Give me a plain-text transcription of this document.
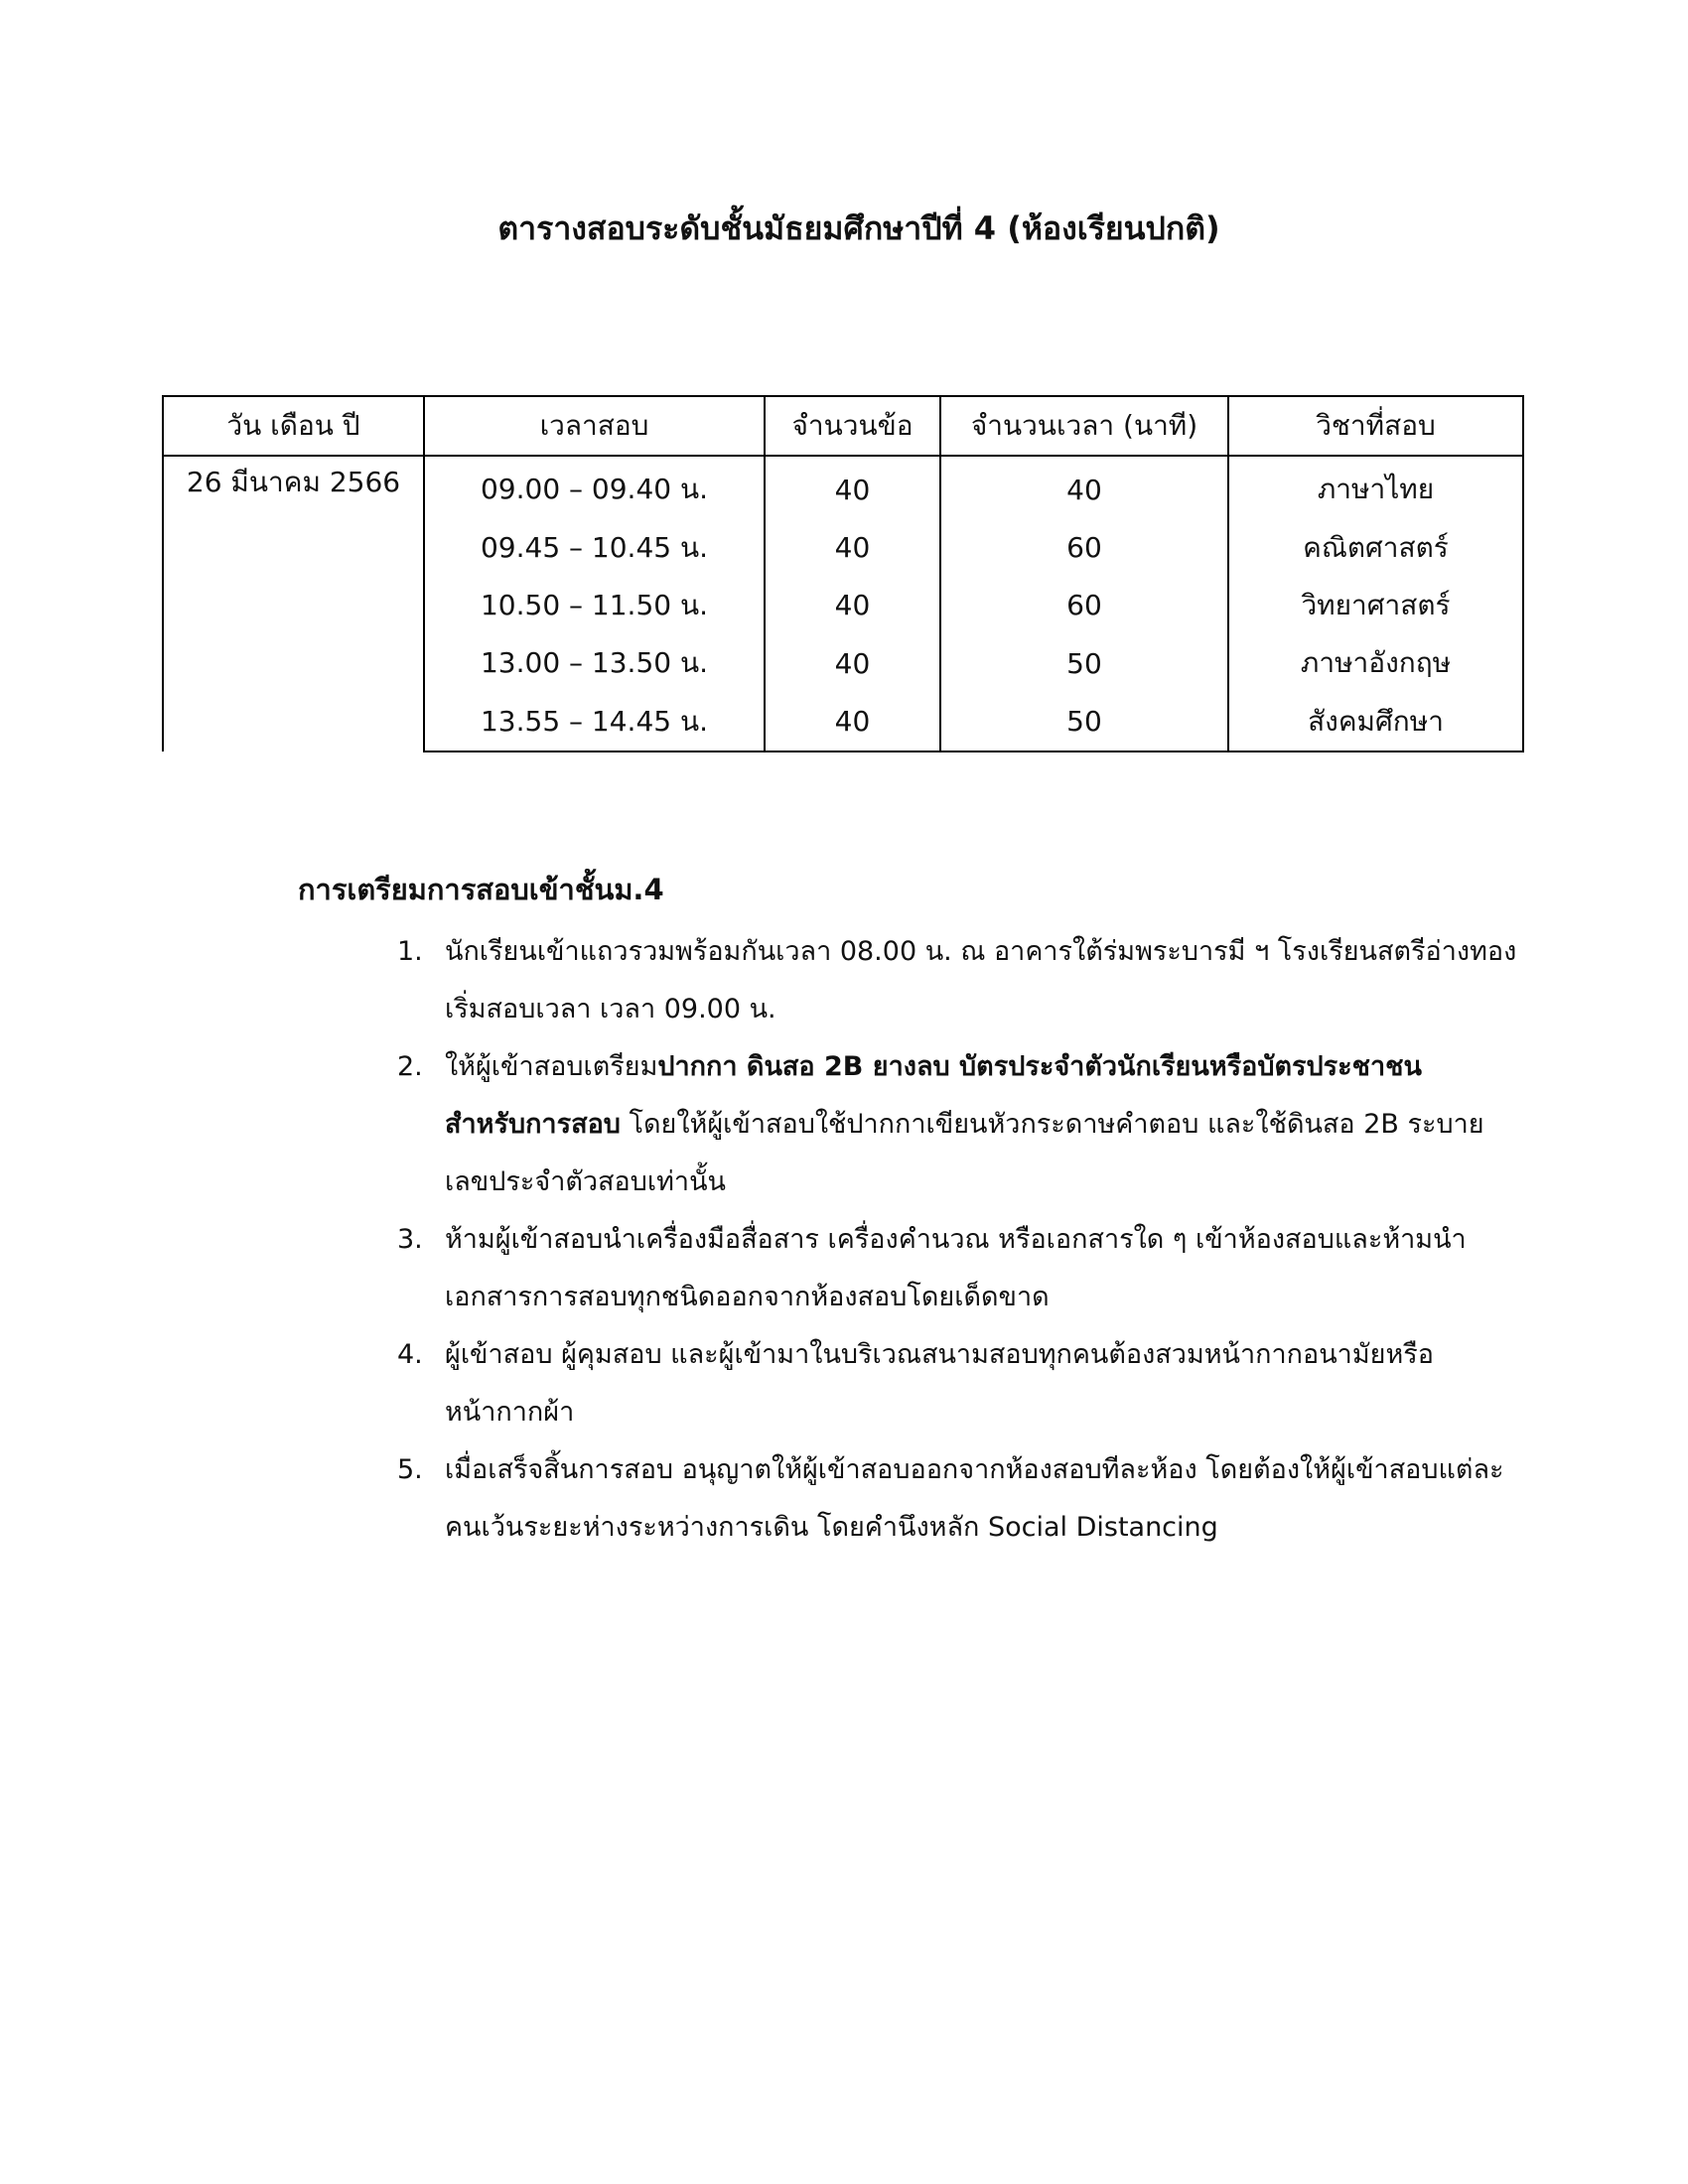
ตารางสอบระดับชั้นมัธยมศึกษาปีที่ 4 (ห้องเรียนปกติ)
วัน เดือน ปี	เวลาสอบ	จำนวนข้อ	จำนวนเวลา (นาที)	วิชาที่สอบ
26 มีนาคม 2566	09.00 – 09.40 น.	40	40	ภาษาไทย
	09.45 – 10.45 น.	40	60	คณิตศาสตร์
	10.50 – 11.50 น.	40	60	วิทยาศาสตร์
	13.00 – 13.50 น.	40	50	ภาษาอังกฤษ
	13.55 – 14.45 น.	40	50	สังคมศึกษา
การเตรียมการสอบเข้าชั้นม.4
1. นักเรียนเข้าแถวรวมพร้อมกันเวลา 08.00 น. ณ อาคารใต้ร่มพระบารมี ฯ โรงเรียนสตรีอ่างทอง
เริ่มสอบเวลา เวลา 09.00 น.
2. ให้ผู้เข้าสอบเตรียมปากกา ดินสอ 2B ยางลบ บัตรประจำตัวนักเรียนหรือบัตรประชาชน
สำหรับการสอบ โดยให้ผู้เข้าสอบใช้ปากกาเขียนหัวกระดาษคำตอบ และใช้ดินสอ 2B ระบาย
เลขประจำตัวสอบเท่านั้น
3. ห้ามผู้เข้าสอบนำเครื่องมือสื่อสาร เครื่องคำนวณ หรือเอกสารใด ๆ เข้าห้องสอบและห้ามนำ
เอกสารการสอบทุกชนิดออกจากห้องสอบโดยเด็ดขาด
4. ผู้เข้าสอบ ผู้คุมสอบ และผู้เข้ามาในบริเวณสนามสอบทุกคนต้องสวมหน้ากากอนามัยหรือ
หน้ากากผ้า
5. เมื่อเสร็จสิ้นการสอบ อนุญาตให้ผู้เข้าสอบออกจากห้องสอบทีละห้อง โดยต้องให้ผู้เข้าสอบแต่ละ
คนเว้นระยะห่างระหว่างการเดิน โดยคำนึงหลัก Social Distancing
